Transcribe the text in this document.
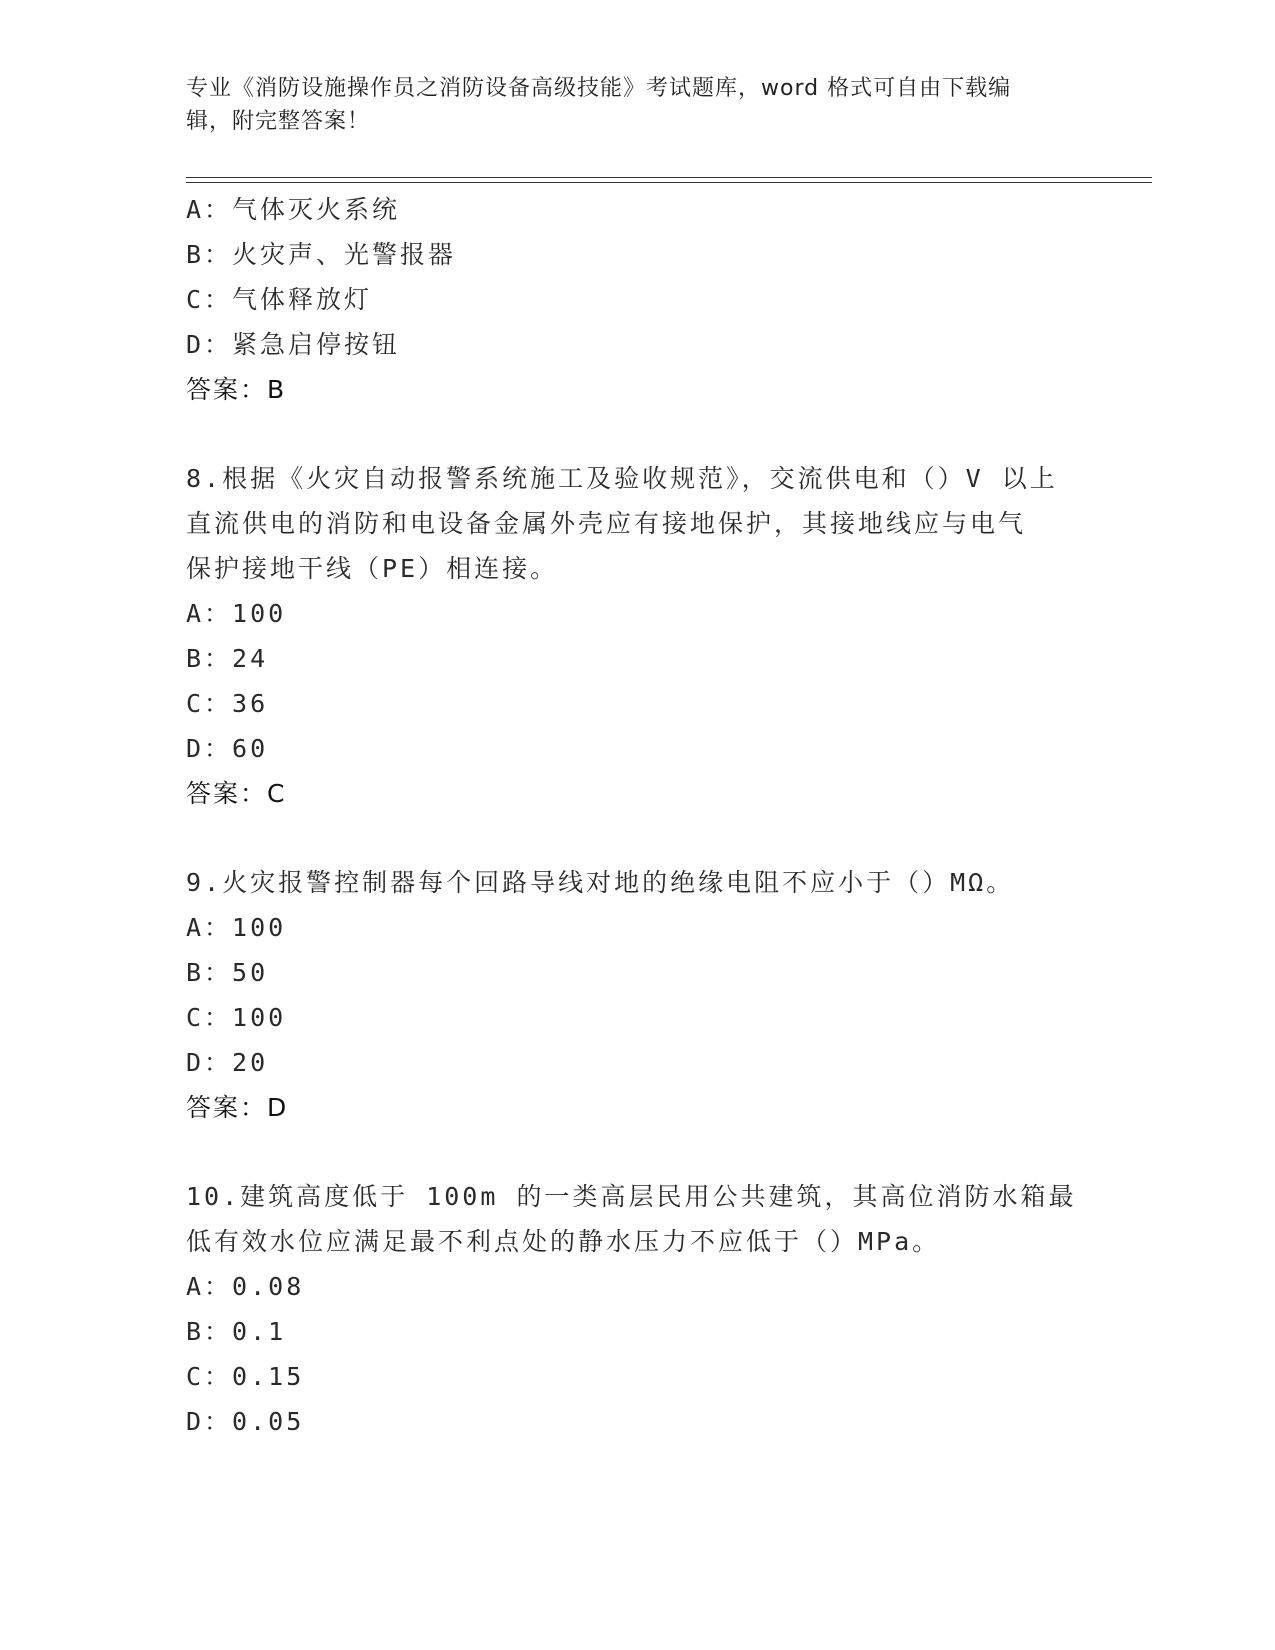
专业《消防设施操作员之消防设备高级技能》考试题库，word 格式可自由下载编
辑，附完整答案！
A：气体灭火系统
B：火灾声、光警报器
C：气体释放灯
D：紧急启停按钮
答案：B
8.根据《火灾自动报警系统施工及验收规范》，交流供电和（）V 以上
直流供电的消防和电设备金属外壳应有接地保护，其接地线应与电气
保护接地干线（PE）相连接。
A：100
B：24
C：36
D：60
答案：C
9.火灾报警控制器每个回路导线对地的绝缘电阻不应小于（）MΩ。
A：100
B：50
C：100
D：20
答案：D
10.建筑高度低于 100m 的一类高层民用公共建筑，其高位消防水箱最
低有效水位应满足最不利点处的静水压力不应低于（）MPa。
A：0.08
B：0.1
C：0.15
D：0.05
